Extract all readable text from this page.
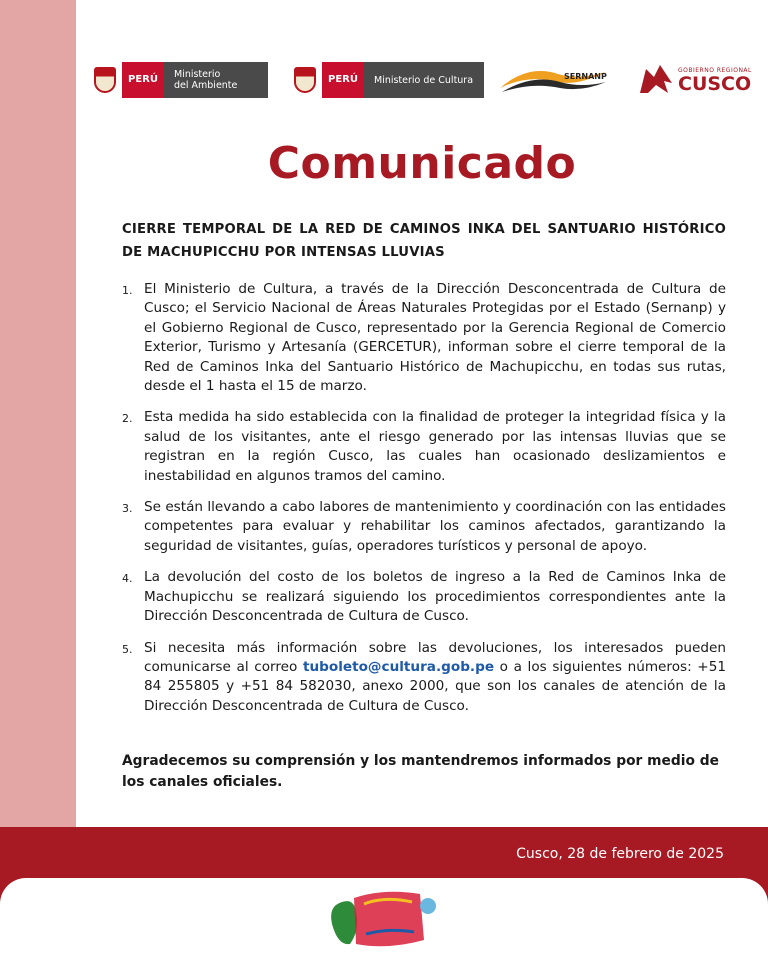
PERÚ	Ministerio
del Ambiente
PERÚ	Ministerio de Cultura	SERNANP
GOBIERNO REGIONAL
CUSCO
Comunicado
CIERRE TEMPORAL DE LA RED DE CAMINOS INKA DEL SANTUARIO HISTÓRICO DE MACHUPICCHU POR INTENSAS LLUVIAS
1. El Ministerio de Cultura, a través de la Dirección Desconcentrada de Cultura de Cusco; el Servicio Nacional de Áreas Naturales Protegidas por el Estado (Sernanp) y el Gobierno Regional de Cusco, representado por la Gerencia Regional de Comercio Exterior, Turismo y Artesanía (GERCETUR), informan sobre el cierre temporal de la Red de Caminos Inka del Santuario Histórico de Machupicchu, en todas sus rutas, desde el 1 hasta el 15 de marzo.
2. Esta medida ha sido establecida con la finalidad de proteger la integridad física y la salud de los visitantes, ante el riesgo generado por las intensas lluvias que se registran en la región Cusco, las cuales han ocasionado deslizamientos e inestabilidad en algunos tramos del camino.
3. Se están llevando a cabo labores de mantenimiento y coordinación con las entidades competentes para evaluar y rehabilitar los caminos afectados, garantizando la seguridad de visitantes, guías, operadores turísticos y personal de apoyo.
4. La devolución del costo de los boletos de ingreso a la Red de Caminos Inka de Machupicchu se realizará siguiendo los procedimientos correspondientes ante la Dirección Desconcentrada de Cultura de Cusco.
5. Si necesita más información sobre las devoluciones, los interesados pueden comunicarse al correo tuboleto@cultura.gob.pe o a los siguientes números: +51 84 255805 y +51 84 582030, anexo 2000, que son los canales de atención de la Dirección Desconcentrada de Cultura de Cusco.
Agradecemos su comprensión y los mantendremos informados por medio de los canales oficiales.
Cusco, 28 de febrero de 2025
